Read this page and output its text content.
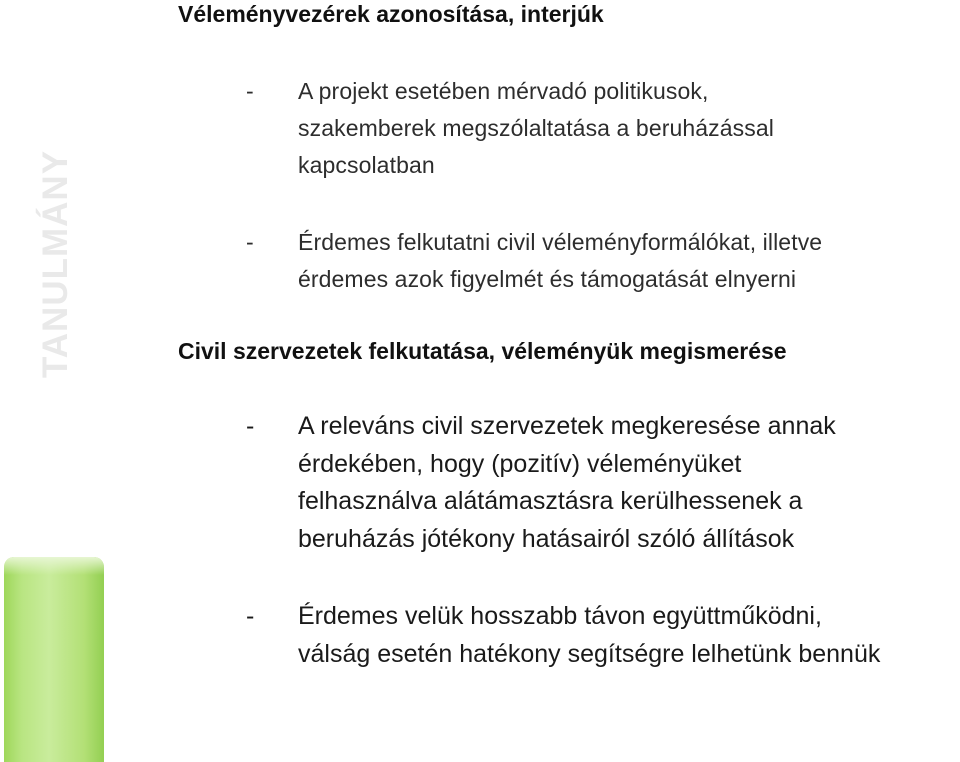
TANULMÁNY
Véleményvezérek azonosítása, interjúk
- A projekt esetében mérvadó politikusok,
szakemberek megszólaltatása a beruházással
kapcsolatban
- Érdemes felkutatni civil véleményformálókat, illetve
érdemes azok figyelmét és támogatását elnyerni
Civil szervezetek felkutatása, véleményük megismerése
- A releváns civil szervezetek megkeresése annak
érdekében, hogy (pozitív) véleményüket
felhasználva alátámasztásra kerülhessenek a
beruházás jótékony hatásairól szóló állítások
- Érdemes velük hosszabb távon együttműködni,
válság esetén hatékony segítségre lelhetünk bennük
